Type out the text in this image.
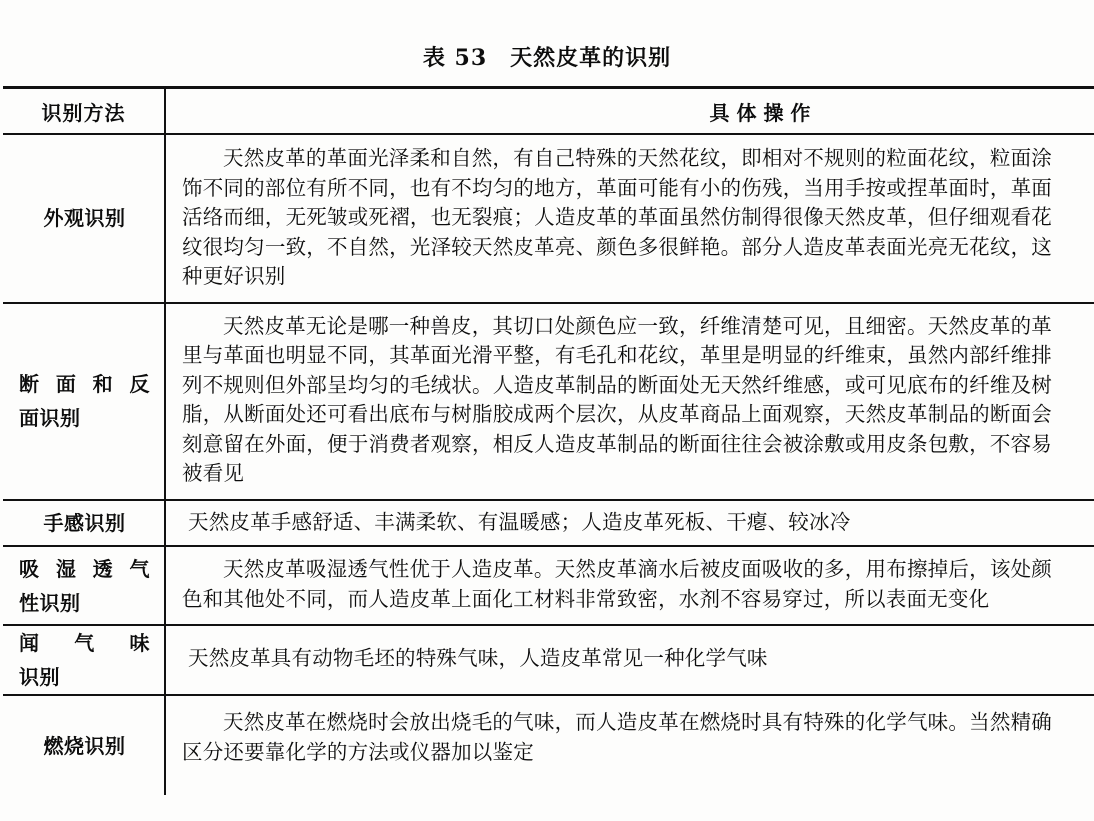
表 53　天然皮革的识别
识别方法	具 体 操 作

外观识别	天然皮革的革面光泽柔和自然，有自己特殊的天然花纹，即相对不规则的粒面花纹，粒面涂饰不同的部位有所不同，也有不均匀的地方，革面可能有小的伤残，当用手按或捏革面时，革面活络而细，无死皱或死褶，也无裂痕；人造皮革的革面虽然仿制得很像天然皮革，但仔细观看花纹很均匀一致，不自然，光泽较天然皮革亮、颜色多很鲜艳。部分人造皮革表面光亮无花纹，这种更好识别

断面和反
面识别	天然皮革无论是哪一种兽皮，其切口处颜色应一致，纤维清楚可见，且细密。天然皮革的革里与革面也明显不同，其革面光滑平整，有毛孔和花纹，革里是明显的纤维束，虽然内部纤维排列不规则但外部呈均匀的毛绒状。人造皮革制品的断面处无天然纤维感，或可见底布的纤维及树脂，从断面处还可看出底布与树脂胶成两个层次，从皮革商品上面观察，天然皮革制品的断面会刻意留在外面，便于消费者观察，相反人造皮革制品的断面往往会被涂敷或用皮条包敷，不容易被看见

手感识别	天然皮革手感舒适、丰满柔软、有温暖感；人造皮革死板、干瘪、较冰冷

吸湿透气
性识别	天然皮革吸湿透气性优于人造皮革。天然皮革滴水后被皮面吸收的多，用布擦掉后，该处颜色和其他处不同，而人造皮革上面化工材料非常致密，水剂不容易穿过，所以表面无变化

闻 气 味
识别	天然皮革具有动物毛坯的特殊气味，人造皮革常见一种化学气味

燃烧识别	天然皮革在燃烧时会放出烧毛的气味，而人造皮革在燃烧时具有特殊的化学气味。当然精确区分还要靠化学的方法或仪器加以鉴定
